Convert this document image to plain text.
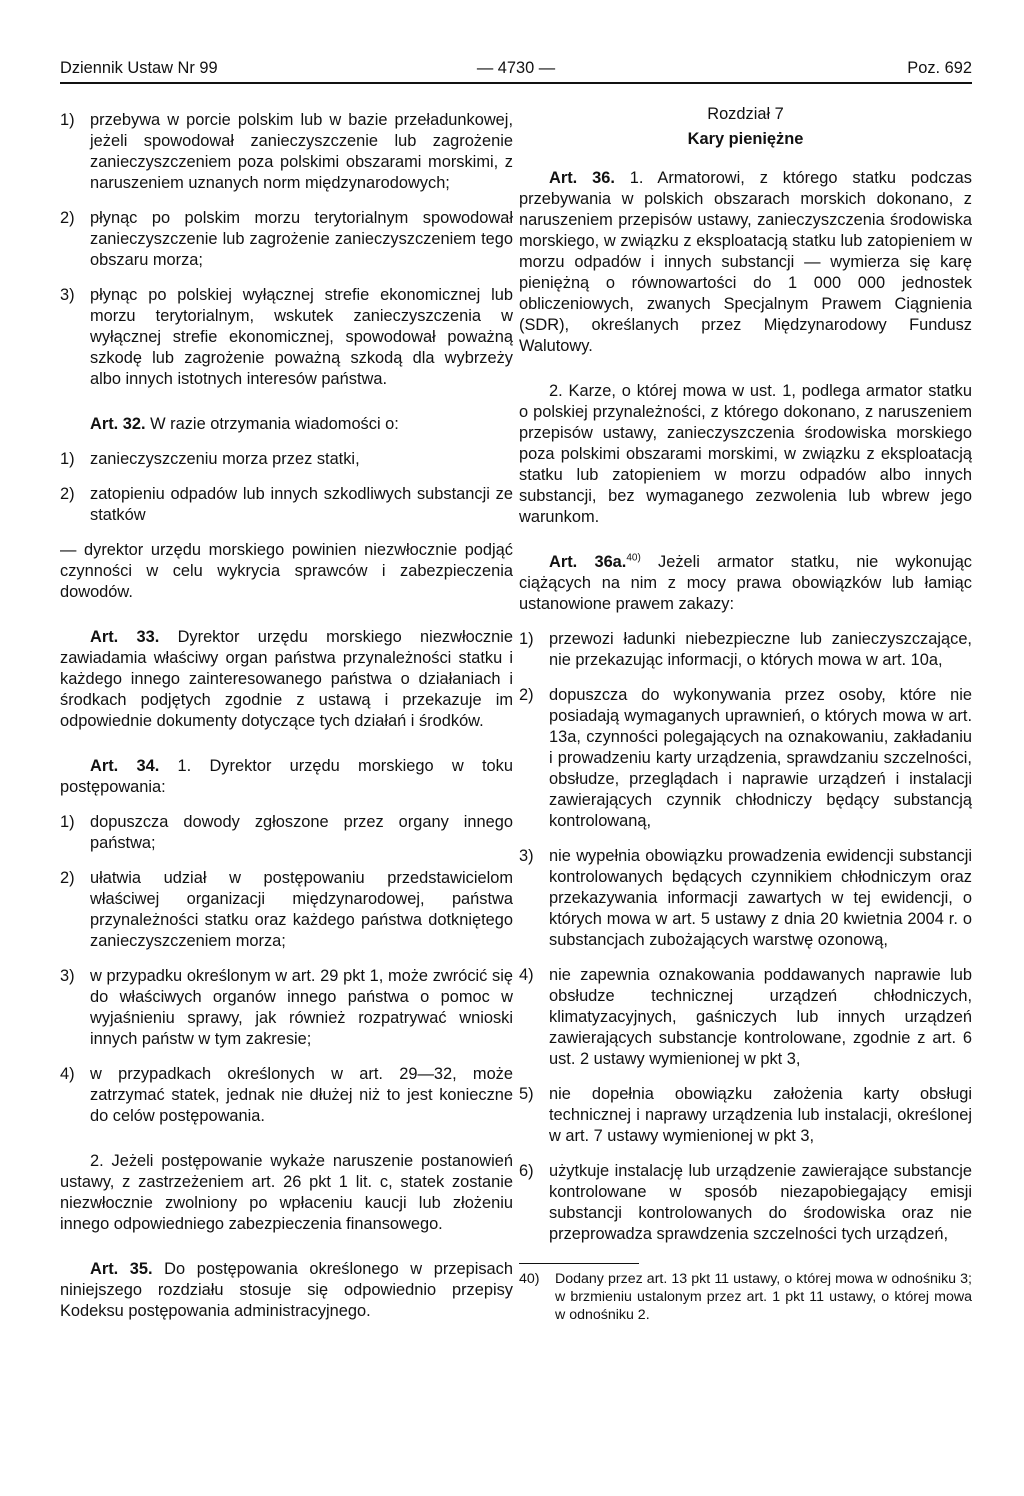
Dziennik Ustaw Nr 99	— 4730 —	Poz. 692
1) przebywa w porcie polskim lub w bazie przeładunkowej, jeżeli spowodował zanieczyszczenie lub zagrożenie zanieczyszczeniem poza polskimi obszarami morskimi, z naruszeniem uznanych norm międzynarodowych;
2) płynąc po polskim morzu terytorialnym spowodował zanieczyszczenie lub zagrożenie zanieczyszczeniem tego obszaru morza;
3) płynąc po polskiej wyłącznej strefie ekonomicznej lub morzu terytorialnym, wskutek zanieczyszczenia w wyłącznej strefie ekonomicznej, spowodował poważną szkodę lub zagrożenie poważną szkodą dla wybrzeży albo innych istotnych interesów państwa.

Art. 32. W razie otrzymania wiadomości o:

1) zanieczyszczeniu morza przez statki,
2) zatopieniu odpadów lub innych szkodliwych substancji ze statków

— dyrektor urzędu morskiego powinien niezwłocznie podjąć czynności w celu wykrycia sprawców i zabezpieczenia dowodów.

Art. 33. Dyrektor urzędu morskiego niezwłocznie zawiadamia właściwy organ państwa przynależności statku i każdego innego zainteresowanego państwa o działaniach i środkach podjętych zgodnie z ustawą i przekazuje im odpowiednie dokumenty dotyczące tych działań i środków.

Art. 34. 1. Dyrektor urzędu morskiego w toku postępowania:

1) dopuszcza dowody zgłoszone przez organy innego państwa;
2) ułatwia udział w postępowaniu przedstawicielom właściwej organizacji międzynarodowej, państwa przynależności statku oraz każdego państwa dotkniętego zanieczyszczeniem morza;
3) w przypadku określonym w art. 29 pkt 1, może zwrócić się do właściwych organów innego państwa o pomoc w wyjaśnieniu sprawy, jak również rozpatrywać wnioski innych państw w tym zakresie;
4) w przypadkach określonych w art. 29—32, może zatrzymać statek, jednak nie dłużej niż to jest konieczne do celów postępowania.

2. Jeżeli postępowanie wykaże naruszenie postanowień ustawy, z zastrzeżeniem art. 26 pkt 1 lit. c, statek zostanie niezwłocznie zwolniony po wpłaceniu kaucji lub złożeniu innego odpowiedniego zabezpieczenia finansowego.

Art. 35. Do postępowania określonego w przepisach niniejszego rozdziału stosuje się odpowiednio przepisy Kodeksu postępowania administracyjnego.

Rozdział 7
Kary pieniężne

Art. 36. 1. Armatorowi, z którego statku podczas przebywania w polskich obszarach morskich dokonano, z naruszeniem przepisów ustawy, zanieczyszczenia środowiska morskiego, w związku z eksploatacją statku lub zatopieniem w morzu odpadów i innych substancji — wymierza się karę pieniężną o równowartości do 1 000 000 jednostek obliczeniowych, zwanych Specjalnym Prawem Ciągnienia (SDR), określanych przez Międzynarodowy Fundusz Walutowy.

2. Karze, o której mowa w ust. 1, podlega armator statku o polskiej przynależności, z którego dokonano, z naruszeniem przepisów ustawy, zanieczyszczenia środowiska morskiego poza polskimi obszarami morskimi, w związku z eksploatacją statku lub zatopieniem w morzu odpadów albo innych substancji, bez wymaganego zezwolenia lub wbrew jego warunkom.

Art. 36a.$^{40)}$ Jeżeli armator statku, nie wykonując ciążących na nim z mocy prawa obowiązków lub łamiąc ustanowione prawem zakazy:

1) przewozi ładunki niebezpieczne lub zanieczyszczające, nie przekazując informacji, o których mowa w art. 10a,
2) dopuszcza do wykonywania przez osoby, które nie posiadają wymaganych uprawnień, o których mowa w art. 13a, czynności polegających na oznakowaniu, zakładaniu i prowadzeniu karty urządzenia, sprawdzaniu szczelności, obsłudze, przeglądach i naprawie urządzeń i instalacji zawierających czynnik chłodniczy będący substancją kontrolowaną,
3) nie wypełnia obowiązku prowadzenia ewidencji substancji kontrolowanych będących czynnikiem chłodniczym oraz przekazywania informacji zawartych w tej ewidencji, o których mowa w art. 5 ustawy z dnia 20 kwietnia 2004 r. o substancjach zubożających warstwę ozonową,
4) nie zapewnia oznakowania poddawanych naprawie lub obsłudze technicznej urządzeń chłodniczych, klimatyzacyjnych, gaśniczych lub innych urządzeń zawierających substancje kontrolowane, zgodnie z art. 6 ust. 2 ustawy wymienionej w pkt 3,
5) nie dopełnia obowiązku założenia karty obsługi technicznej i naprawy urządzenia lub instalacji, określonej w art. 7 ustawy wymienionej w pkt 3,
6) użytkuje instalację lub urządzenie zawierające substancje kontrolowane w sposób niezapobiegający emisji substancji kontrolowanych do środowiska oraz nie przeprowadza sprawdzenia szczelności tych urządzeń,
40)	Dodany przez art. 13 pkt 11 ustawy, o której mowa w odnośniku 3; w brzmieniu ustalonym przez art. 1 pkt 11 ustawy, o której mowa w odnośniku 2.
